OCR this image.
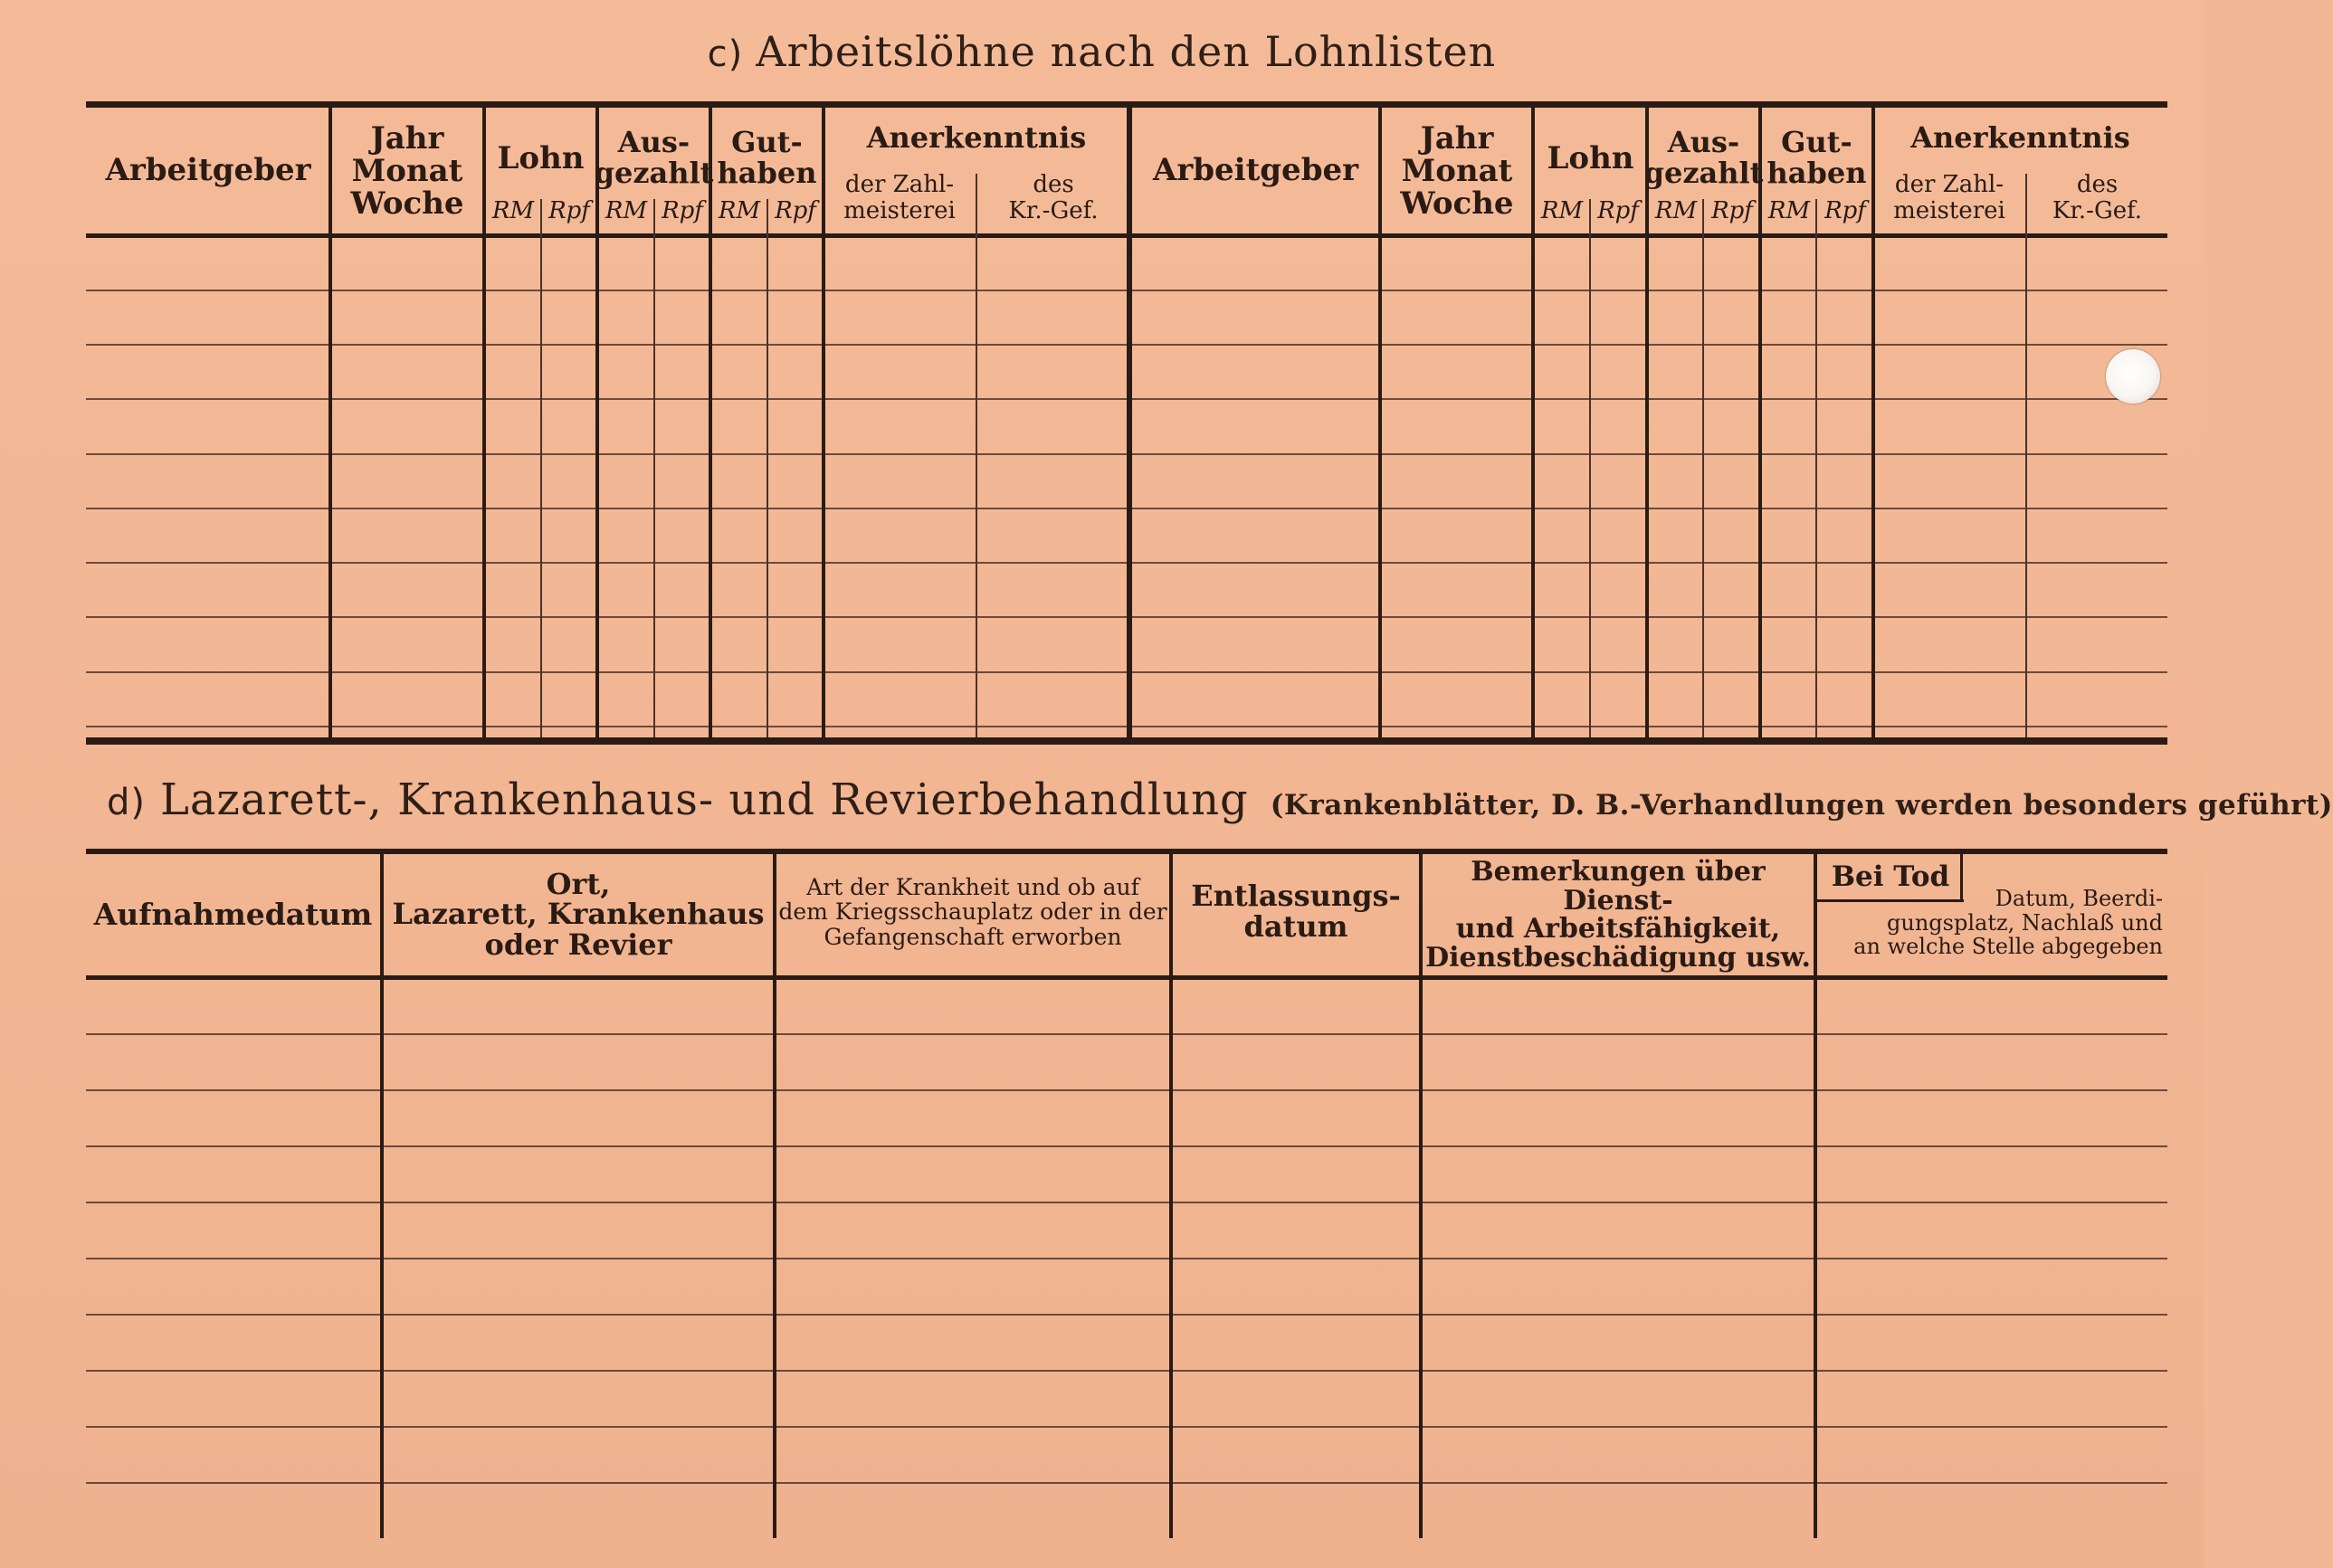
c) Arbeitslöhne nach den Lohnlisten
Arbeitgeber
Jahr
Monat
Woche
Lohn Aus-
gezahlt
Gut-
haben
Anerkenntnis
der Zahl-
meisterei
des
Kr.-Gef.
Arbeitgeber
Jahr
Monat
Woche
Lohn Aus-
gezahlt
Gut-
haben
Anerkenntnis
der Zahl-
meisterei
des
Kr.-Gef.
RM Rpf RM Rpf RM Rpf	RM Rpf RM Rpf RM Rpf
d) Lazarett-, Krankenhaus- und Revierbehandlung (Krankenblätter, D. B.-Verhandlungen werden besonders geführt)
Aufnahmedatum
Ort,
Lazarett, Krankenhaus
oder Revier
Art der Krankheit und ob auf
dem Kriegsschauplatz oder in der
Gefangenschaft erworben
Entlassungs-
datum
Bemerkungen über Dienst-
und Arbeitsfähigkeit,
Dienstbeschädigung usw.
Bei Tod
Datum, Beerdi-
gungsplatz, Nachlaß und
an welche Stelle abgegeben
